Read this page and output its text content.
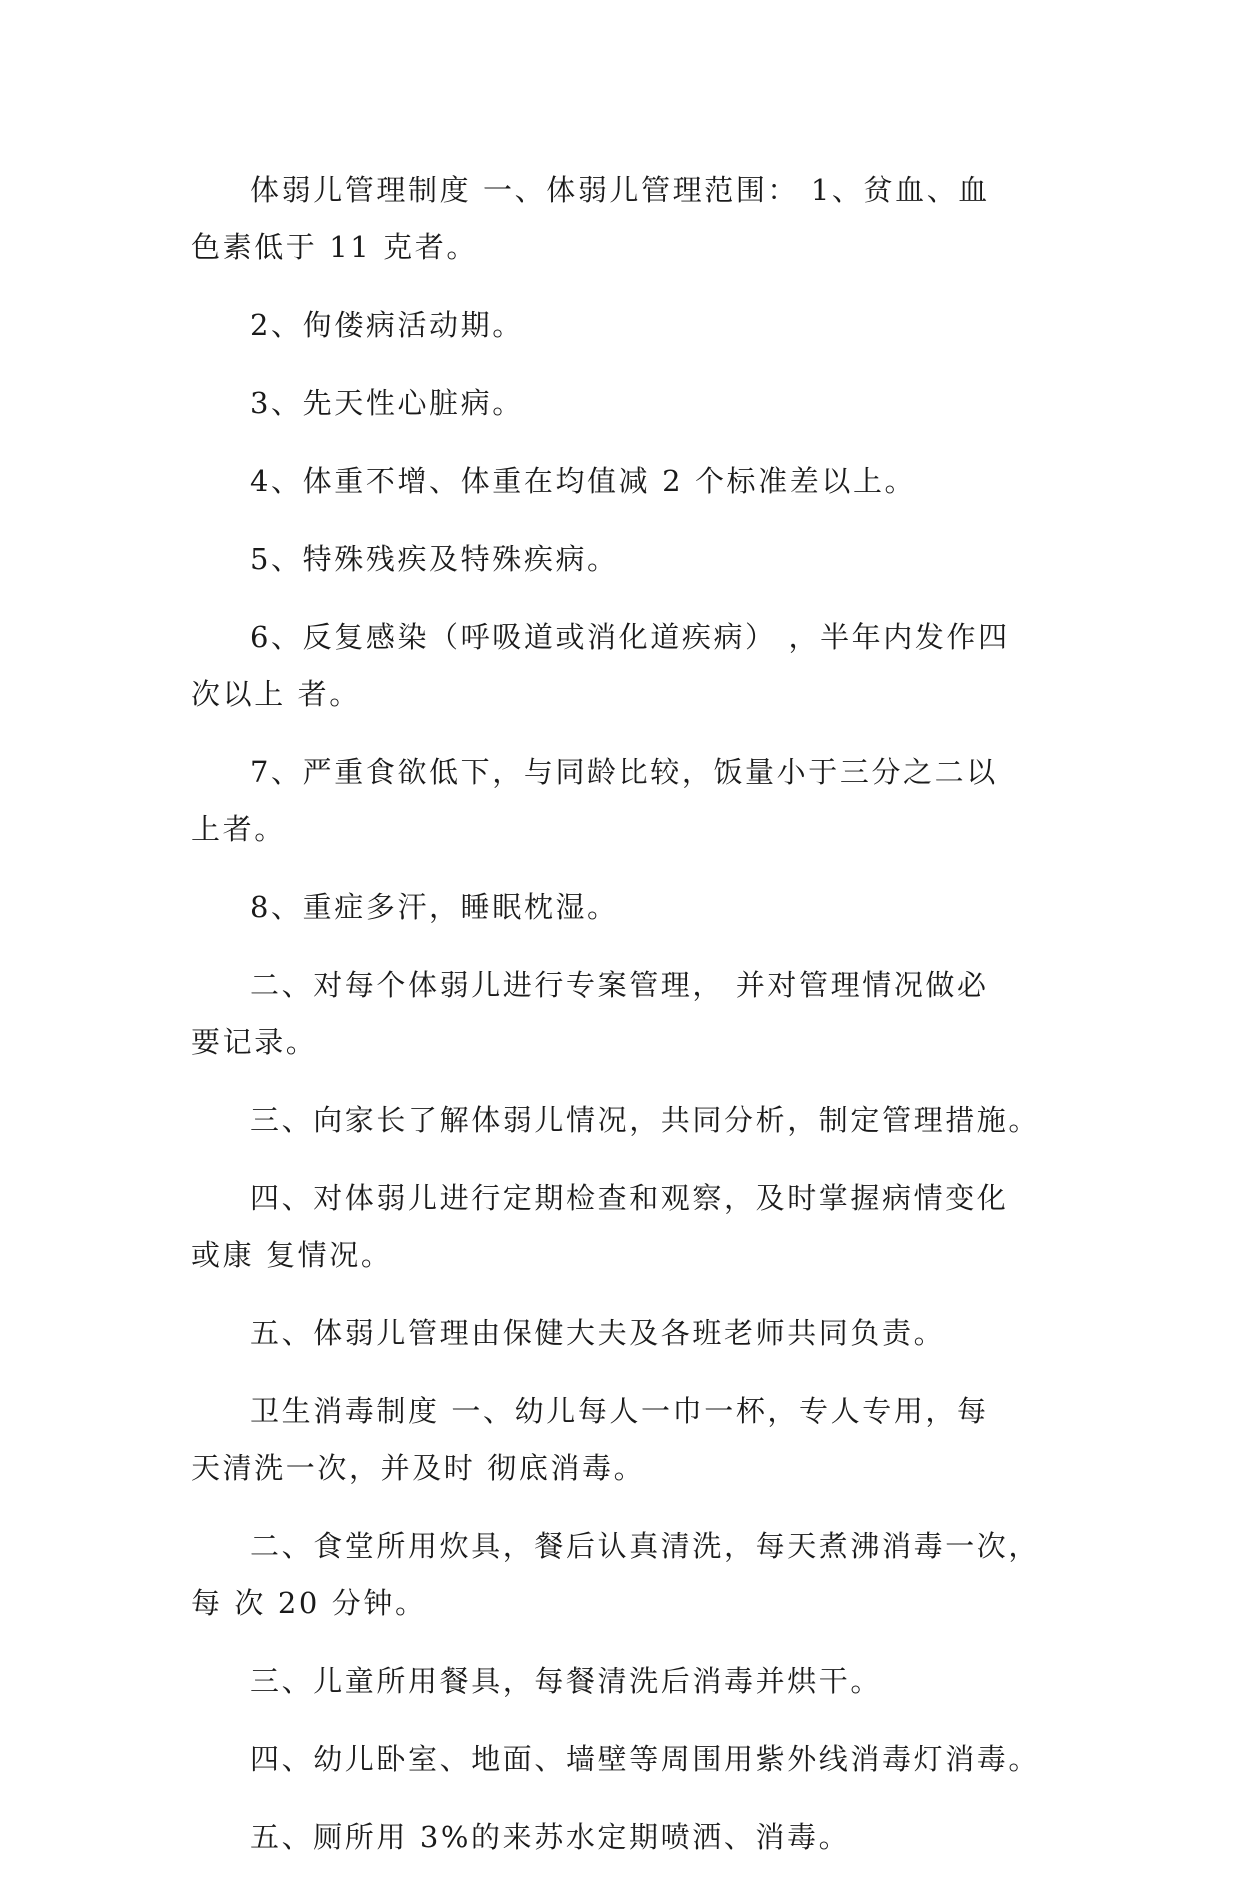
体弱儿管理制度 一、体弱儿管理范围： 1、贫血、血
色素低于 11 克者。
2、佝偻病活动期。
3、先天性心脏病。
4、体重不增、体重在均值减 2 个标准差以上。
5、特殊残疾及特殊疾病。
6、反复感染（呼吸道或消化道疾病） ，半年内发作四
次以上 者。
7、严重食欲低下，与同龄比较，饭量小于三分之二以
上者。
8、重症多汗，睡眠枕湿。
二、对每个体弱儿进行专案管理， 并对管理情况做必
要记录。
三、向家长了解体弱儿情况，共同分析，制定管理措施。
四、对体弱儿进行定期检查和观察，及时掌握病情变化
或康 复情况。
五、体弱儿管理由保健大夫及各班老师共同负责。
卫生消毒制度 一、幼儿每人一巾一杯，专人专用，每
天清洗一次，并及时 彻底消毒。
二、食堂所用炊具，餐后认真清洗，每天煮沸消毒一次，
每 次 20 分钟。
三、儿童所用餐具，每餐清洗后消毒并烘干。
四、幼儿卧室、地面、墙壁等周围用紫外线消毒灯消毒。
五、厕所用 3%的来苏水定期喷洒、消毒。
